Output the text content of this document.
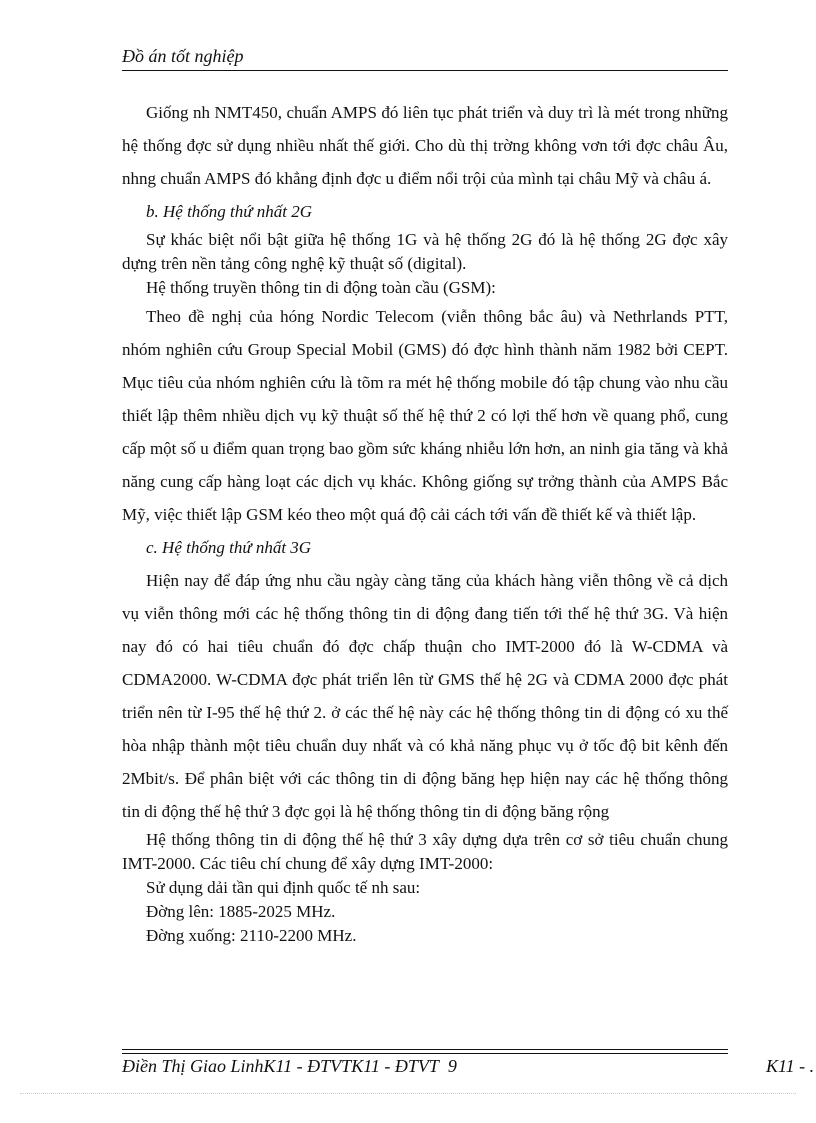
Đồ án tốt nghiệp

Giống nh NMT450, chuẩn AMPS đó liên tục phát triển và duy trì là mét trong những hệ thống đợc sử dụng nhiều nhất thế giới. Cho dù thị trờng không vơn tới đợc châu Âu, nhng chuẩn AMPS đó khẳng định đợc u điểm nổi trội của mình tại châu Mỹ và châu á.

b. Hệ thống thứ nhất 2G

Sự khác biệt nổi bật giữa hệ thống 1G và hệ thống 2G đó là hệ thống 2G đợc xây dựng trên nền tảng công nghệ kỹ thuật số (digital).

Hệ thống truyền thông tin di động toàn cầu (GSM):

Theo đề nghị của hóng Nordic Telecom (viễn thông bắc âu) và Nethrlands PTT, nhóm nghiên cứu Group Special Mobil (GMS) đó đợc hình thành năm 1982 bởi CEPT. Mục tiêu của nhóm nghiên cứu là tõm ra mét hệ thống mobile đó tập chung vào nhu cầu thiết lập thêm nhiều dịch vụ kỹ thuật số thế hệ thứ 2 có lợi thế hơn về quang phổ, cung cấp một số u điểm quan trọng bao gồm sức kháng nhiễu lớn hơn, an ninh gia tăng và khả năng cung cấp hàng loạt các dịch vụ khác. Không giống sự trởng thành của AMPS Bắc Mỹ, việc thiết lập GSM kéo theo một quá độ cải cách tới vấn đề thiết kế và thiết lập.

c. Hệ thống thứ nhất 3G

Hiện nay để đáp ứng nhu cầu ngày càng tăng của khách hàng viễn thông về cả dịch vụ viễn thông mới các hệ thống thông tin di động đang tiến tới thế hệ thứ 3G. Và hiện nay đó có hai tiêu chuẩn đó đợc chấp thuận cho IMT-2000 đó là W-CDMA và CDMA2000. W-CDMA đợc phát triển lên từ GMS thế hệ 2G và CDMA 2000 đợc phát triển nên từ I-95 thế hệ thứ 2. ở các thế hệ này các hệ thống thông tin di động có xu thế hòa nhập thành một tiêu chuẩn duy nhất và có khả năng phục vụ ở tốc độ bit kênh đến 2Mbit/s. Để phân biệt với các thông tin di động băng hẹp hiện nay các hệ thống thông tin di động thế hệ thứ 3 đợc gọi là hệ thống thông tin di động băng rộng

Hệ thống thông tin di động thế hệ thứ 3 xây dựng dựa trên cơ sở tiêu chuẩn chung IMT-2000. Các tiêu chí chung để xây dựng IMT-2000:

Sử dụng dải tần qui định quốc tế nh sau:

Đờng lên: 1885-2025 MHz.

Đờng xuống: 2110-2200 MHz.

Điền Thị Giao LinhK11 - ĐTVTK11 - ĐTVT 9	K11 - .
